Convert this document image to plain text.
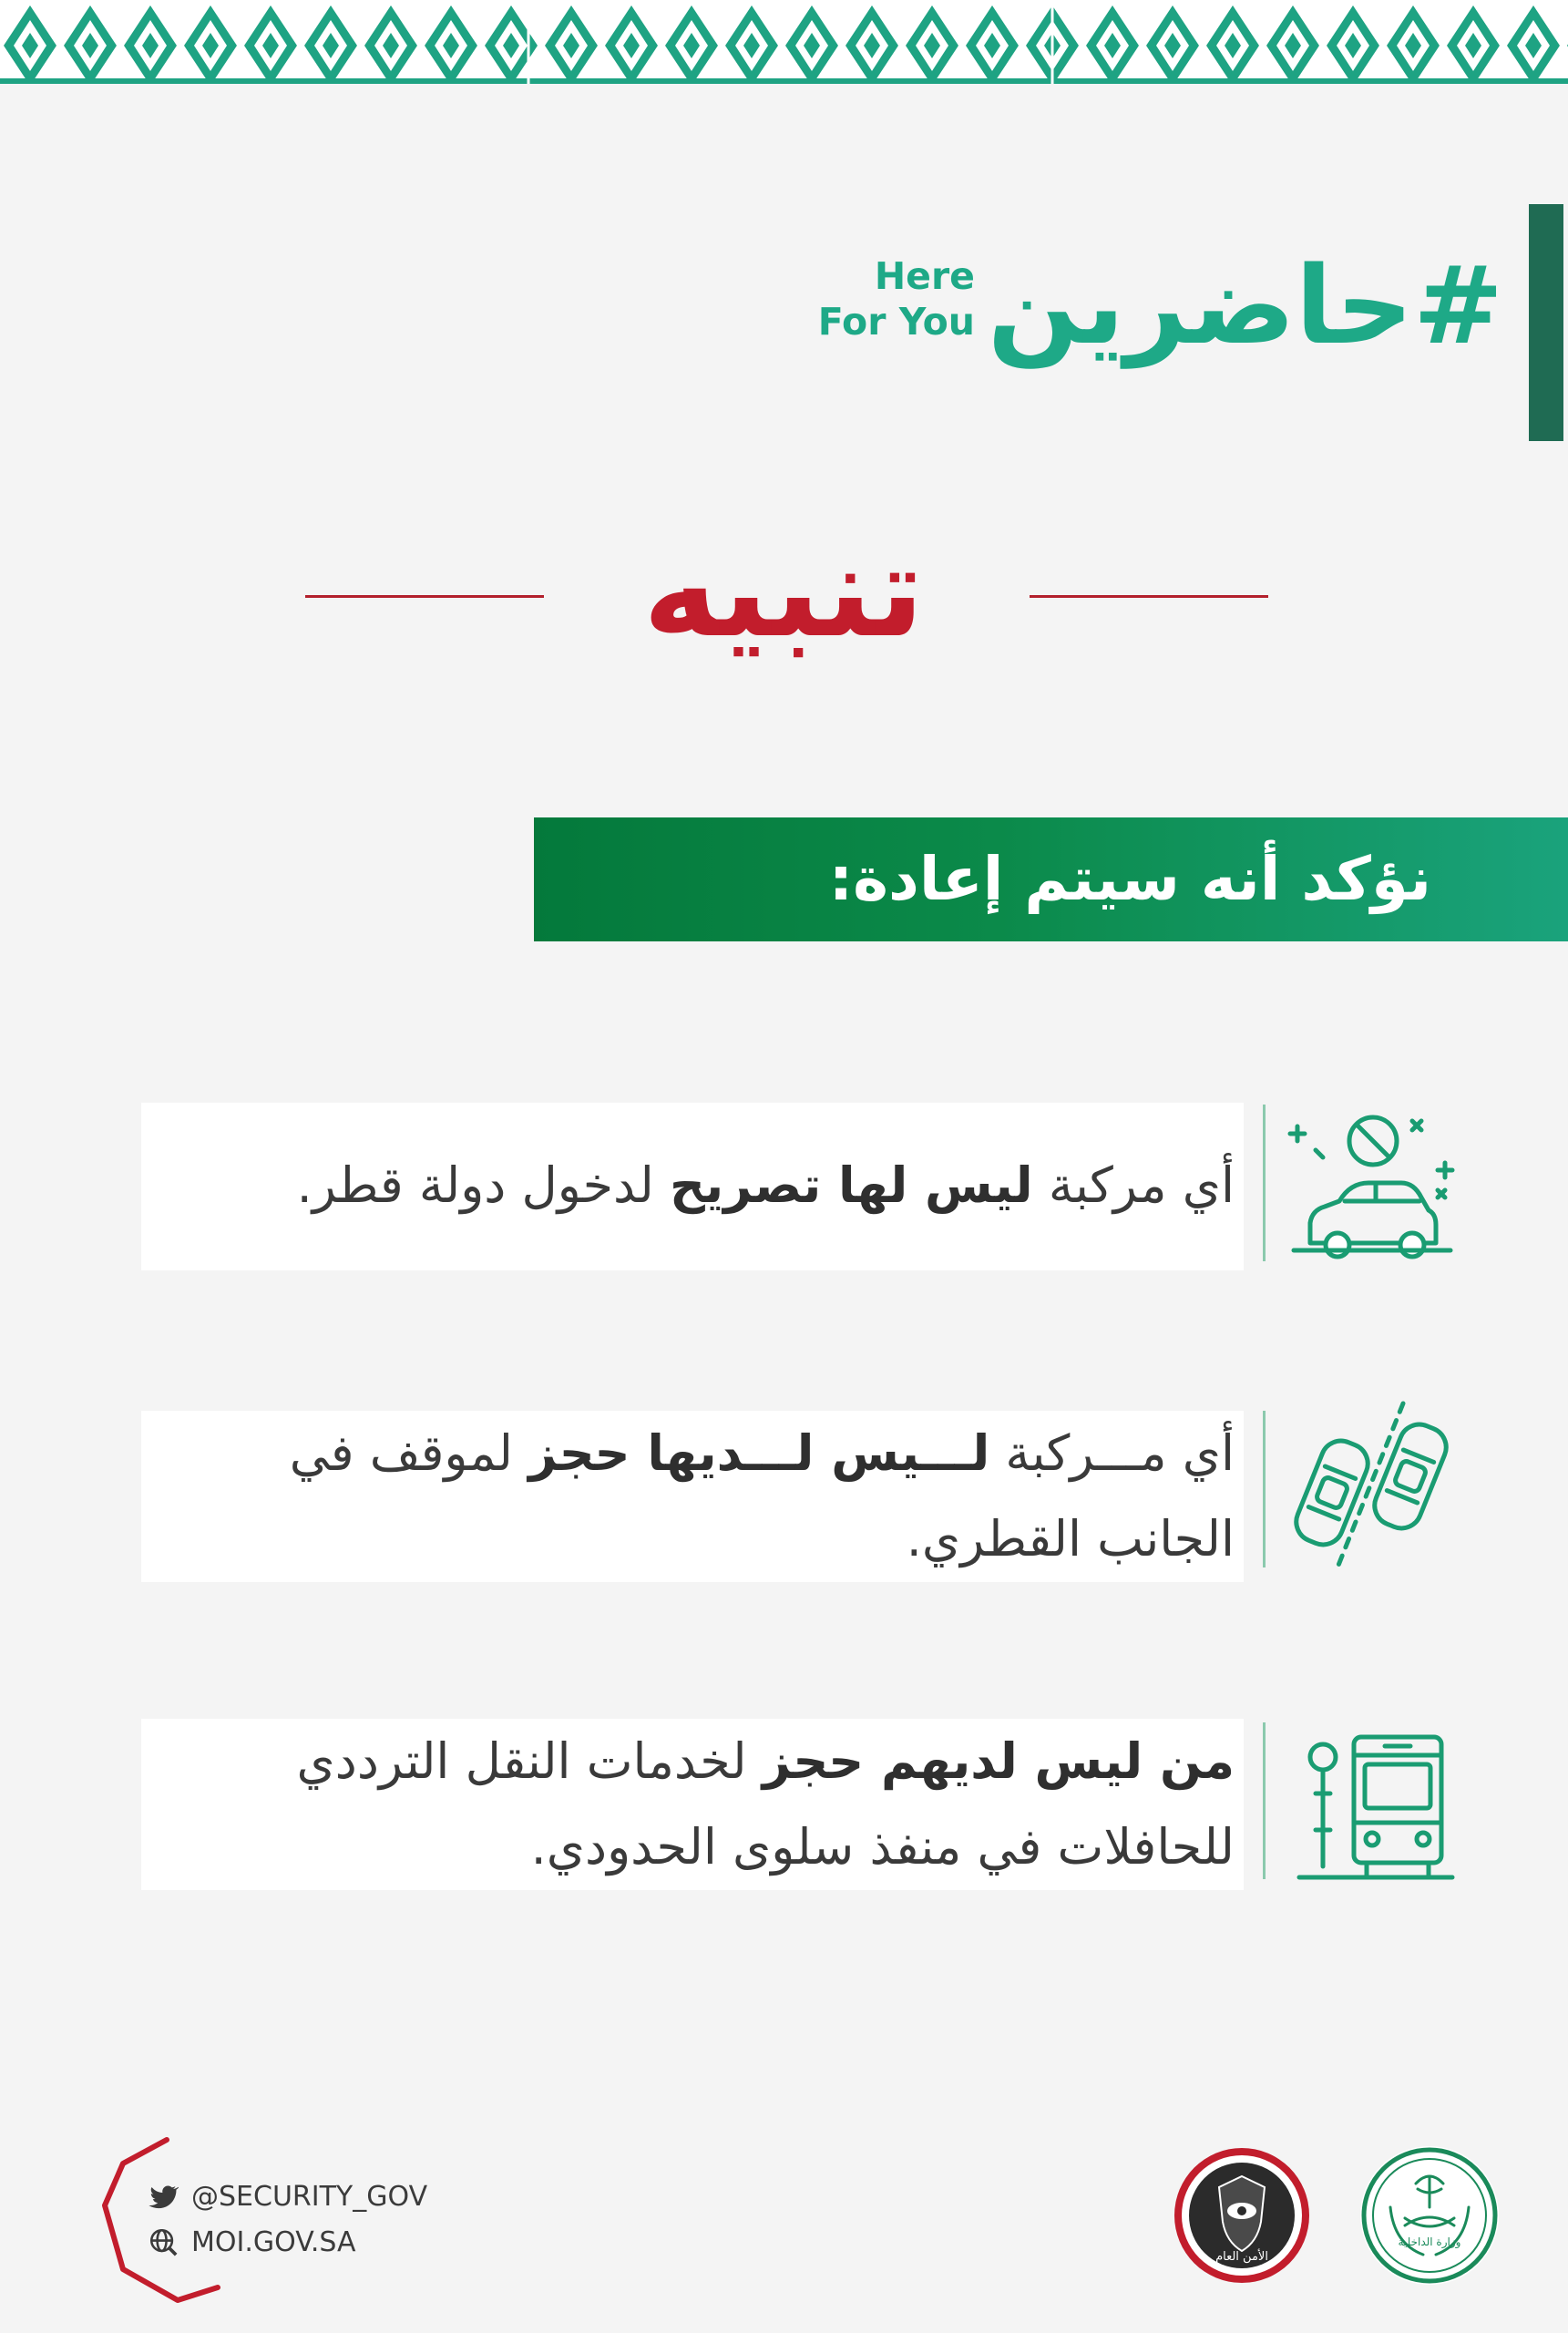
#حاضرين
Here
For You
تنبيه
نؤكد أنه سيتم إعادة:
أي مركبة ليس لها تصريح لدخول دولة قطر.
أي مـــركبة لـــيس لـــديها حجز لموقف في الجانب القطري.
من ليس لديهم حجز لخدمات النقل الترددي للحافلات في منفذ سلوى الحدودي.
@SECURITY_GOV
MOI.GOV.SA	الأمن العام
وزارة الداخلية
